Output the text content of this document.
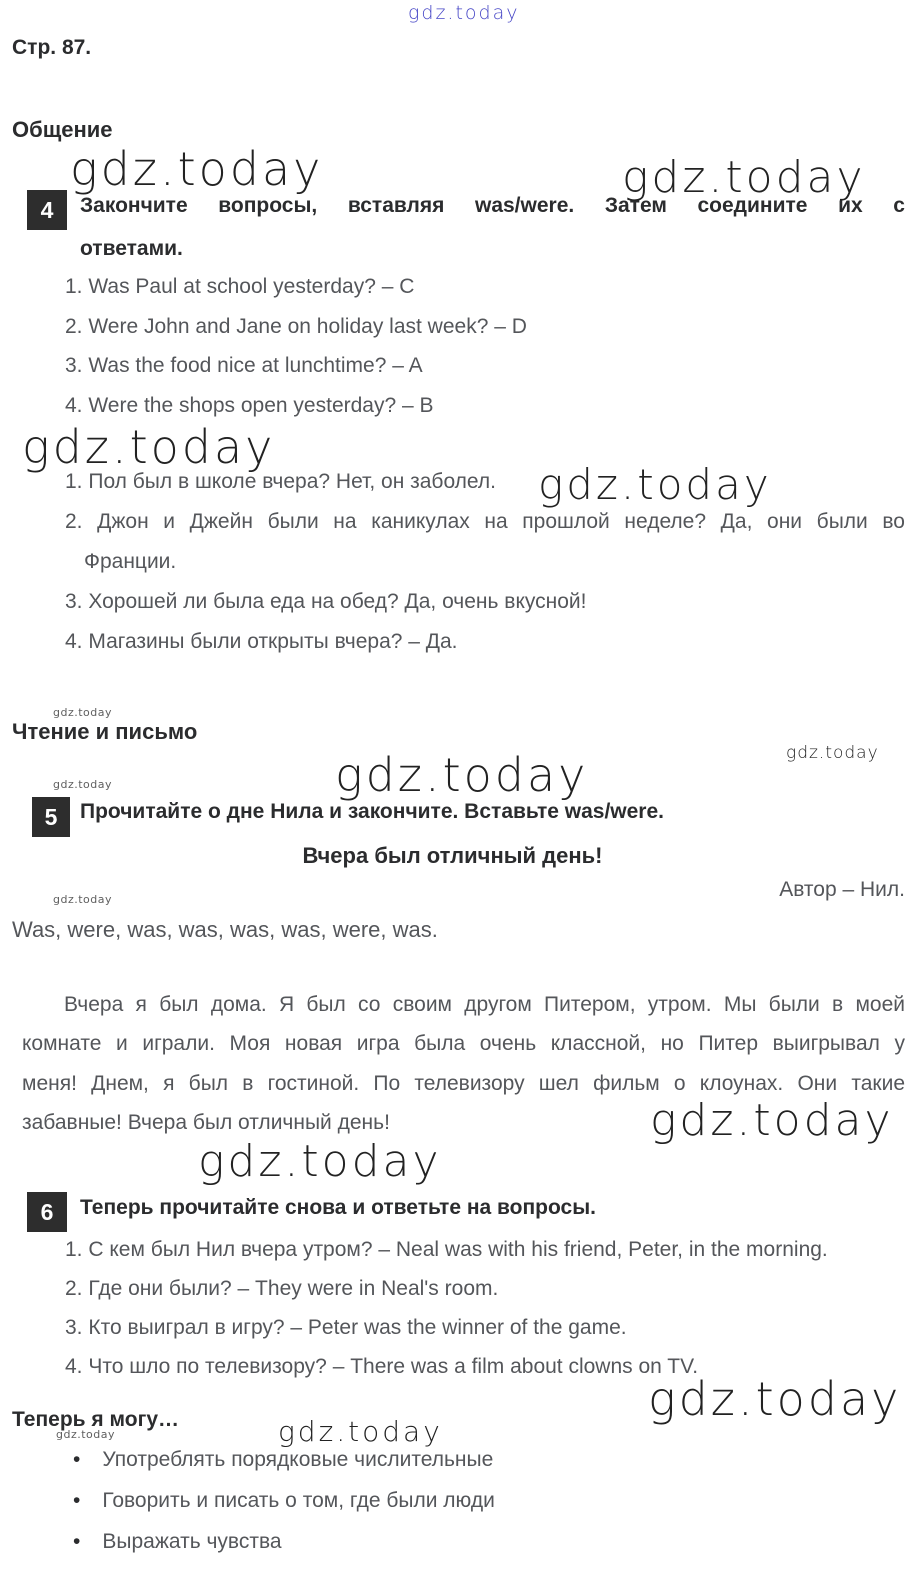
gdz.today
Стр. 87.
Общение
gdz.today	gdz.today
4	Закончите вопросы, вставляя was/were. Затем соедините их с
ответами.
1. Was Paul at school yesterday? – C
2. Were John and Jane on holiday last week? – D
3. Was the food nice at lunchtime? – A
4. Were the shops open yesterday? – B
gdz.today
gdz.today
1. Пол был в школе вчера? Нет, он заболел.
2. Джон и Джейн были на каникулах на прошлой неделе? Да, они были во
Франции.
3. Хорошей ли была еда на обед? Да, очень вкусной!
4. Магазины были открыты вчера? – Да.
gdz.today
Чтение и письмо
gdz.today
gdz.today
gdz.today
5	Прочитайте о дне Нила и закончите. Вставьте was/were.
Вчера был отличный день!
Автор – Нил.
gdz.today
Was, were, was, was, was, was, were, was.
Вчера я был дома. Я был со своим другом Питером, утром. Мы были в моей
комнате и играли. Моя новая игра была очень классной, но Питер выигрывал у
меня! Днем, я был в гостиной. По телевизору шел фильм о клоунах. Они такие
забавные! Вчера был отличный день!	gdz.today
gdz.today
6	Теперь прочитайте снова и ответьте на вопросы.
1. С кем был Нил вчера утром? – Neal was with his friend, Peter, in the morning.
2. Где они были? – They were in Neal's room.
3. Кто выиграл в игру? – Peter was the winner of the game.
4. Что шло по телевизору? – There was a film about clowns on TV.
gdz.today
Теперь я могу…	gdz.today
gdz.today
• Употреблять порядковые числительные
• Говорить и писать о том, где были люди
• Выражать чувства
